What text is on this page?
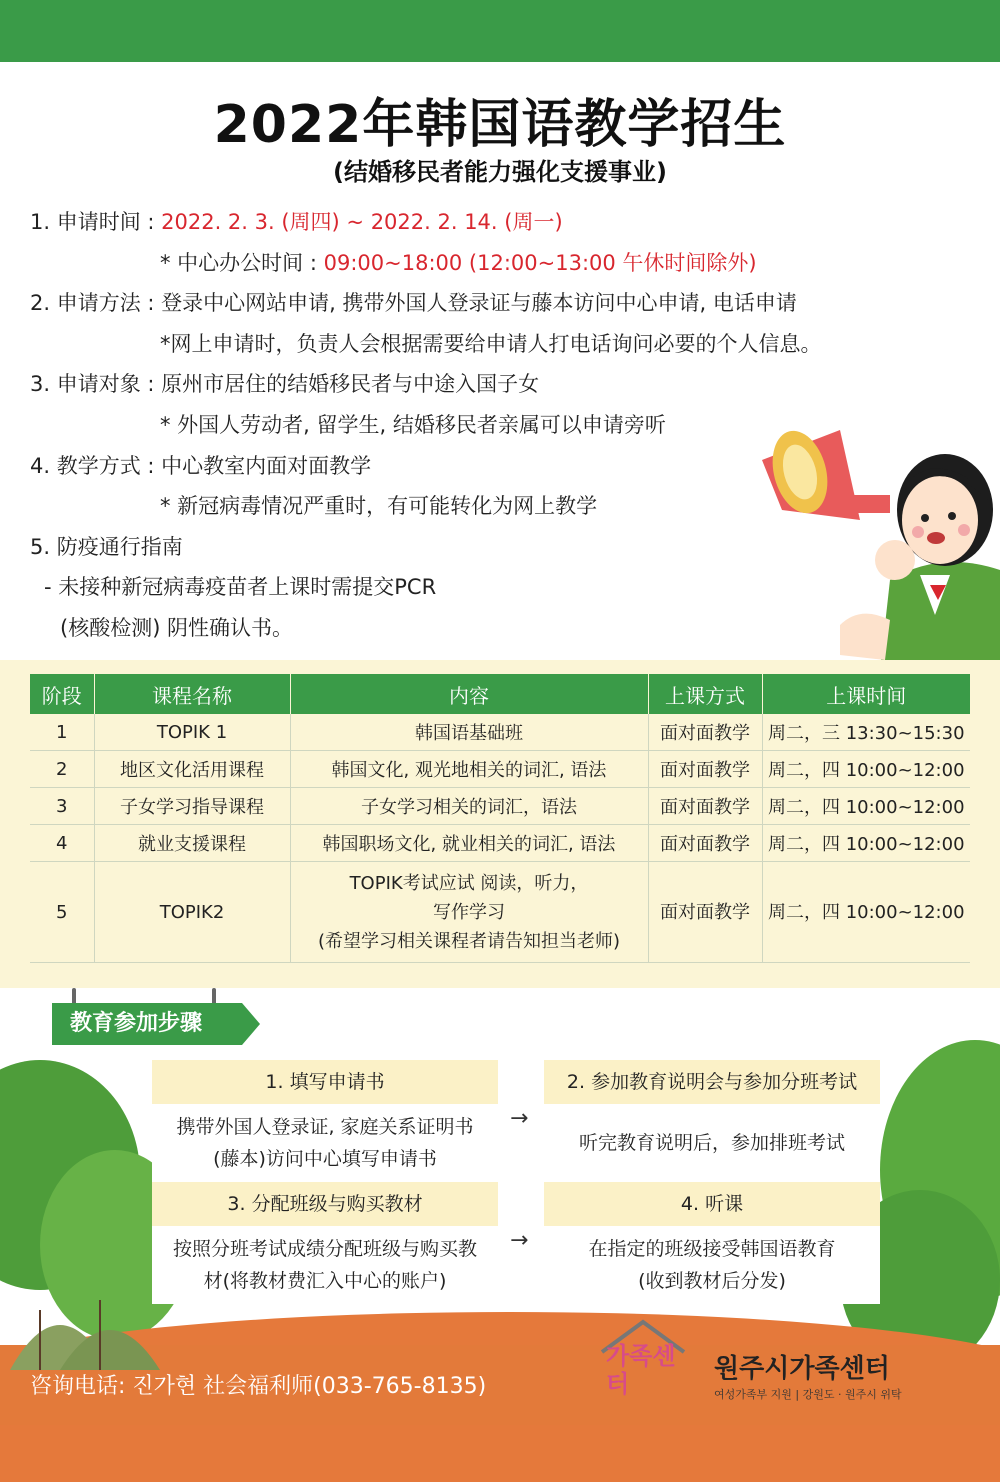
2022年韩国语教学招生
(结婚移民者能力强化支援事业)
1. 申请时间 : 2022. 2. 3. (周四) ~ 2022. 2. 14. (周一)
* 中心办公时间 : 09:00~18:00 (12:00~13:00 午休时间除外)
2. 申请方法 : 登录中心网站申请, 携带外国人登录证与藤本访问中心申请, 电话申请
*网上申请时，负责人会根据需要给申请人打电话询问必要的个人信息。
3. 申请对象 : 原州市居住的结婚移民者与中途入国子女
* 外国人劳动者, 留学生, 结婚移民者亲属可以申请旁听
4. 教学方式 : 中心教室内面对面教学
* 新冠病毒情况严重时，有可能转化为网上教学
5. 防疫通行指南
- 未接种新冠病毒疫苗者上课时需提交PCR
(核酸检测) 阴性确认书。
阶段	课程名称	内容	上课方式	上课时间
1	TOPIK 1	韩国语基础班	面对面教学	周二，三 13:30~15:30
2	地区文化活用课程	韩国文化, 观光地相关的词汇, 语法	面对面教学	周二，四 10:00~12:00
3	子女学习指导课程	子女学习相关的词汇，语法	面对面教学	周二，四 10:00~12:00
4	就业支援课程	韩国职场文化, 就业相关的词汇, 语法	面对面教学	周二，四 10:00~12:00
5	TOPIK2	TOPIK考试应试 阅读，听力，
写作学习
(希望学习相关课程者请告知担当老师)	面对面教学	周二，四 10:00~12:00
教育参加步骤
1. 填写申请书
携带外国人登录证, 家庭关系证明书
(藤本)访问中心填写申请书
→
2. 参加教育说明会与参加分班考试
听完教育说明后，参加排班考试
3. 分配班级与购买教材
按照分班考试成绩分配班级与购买教
材(将教材费汇入中心的账户)
→
4. 听课
在指定的班级接受韩国语教育
(收到教材后分发)
咨询电话: 진가현 社会福利师(033-765-8135)
가족센터	원주시가족센터
여성가족부 지원 | 강원도 · 원주시 위탁
